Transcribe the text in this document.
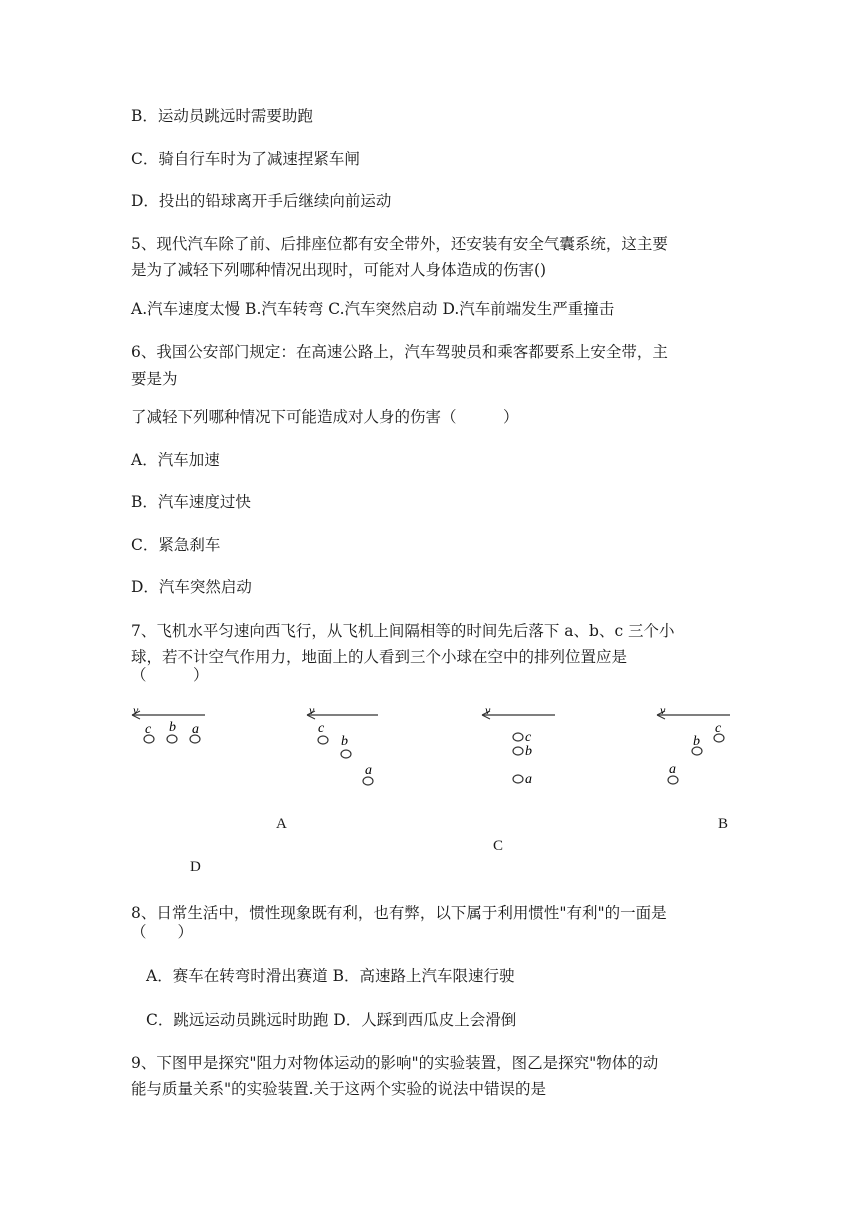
B．运动员跳远时需要助跑
C．骑自行车时为了减速捏紧车闸
D．投出的铅球离开手后继续向前运动
5、现代汽车除了前、后排座位都有安全带外，还安装有安全气囊系统，这主要
是为了减轻下列哪种情况出现时，可能对人身体造成的伤害()
A.汽车速度太慢 B.汽车转弯 C.汽车突然启动 D.汽车前端发生严重撞击
6、我国公安部门规定：在高速公路上，汽车驾驶员和乘客都要系上安全带，主
要是为
了减轻下列哪种情况下可能造成对人身的伤害（　　　）
A．汽车加速
B．汽车速度过快
C．紧急刹车
D．汽车突然启动
7、飞机水平匀速向西飞行，从飞机上间隔相等的时间先后落下 a、b、c 三个小
球，若不计空气作用力，地面上的人看到三个小球在空中的排列位置应是
（　　　）
8、日常生活中，惯性现象既有利，也有弊，以下属于利用惯性"有利"的一面是
（　　）
A．赛车在转弯时滑出赛道 B．高速路上汽车限速行驶
C．跳远运动员跳远时助跑 D．人踩到西瓜皮上会滑倒
9、下图甲是探究"阻力对物体运动的影响"的实验装置，图乙是探究"物体的动
能与质量关系"的实验装置.关于这两个实验的说法中错误的是
v
c b a
v
c
b
a
v
c
b
a
v
c
b
a
A	B
C
D
